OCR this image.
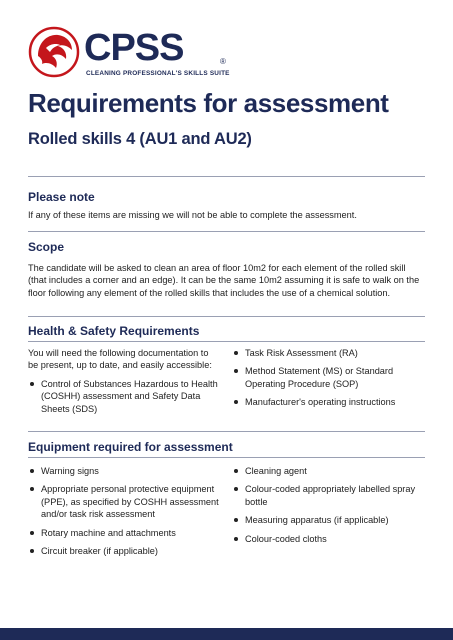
CPSS	®
CLEANING PROFESSIONAL'S SKILLS SUITE
Requirements for assessment
Rolled skills 4 (AU1 and AU2)
Please note

If any of these items are missing we will not be able to complete the assessment.

Scope

The candidate will be asked to clean an area of floor 10m2 for each element of the rolled skill (that includes a corner and an edge). It can be the same 10m2 assuming it is safe to walk on the floor following any element of the rolled skills that includes the use of a chemical solution.

Health & Safety Requirements

You will need the following documentation to be present, up to date, and easily accessible:

Control of Substances Hazardous to Health (COSHH) assessment and Safety Data Sheets (SDS)
Task Risk Assessment (RA)
Method Statement (MS) or Standard Operating Procedure (SOP)
Manufacturer's operating instructions
Equipment required for assessment
Warning signs
Appropriate personal protective equipment (PPE), as specified by COSHH assessment and/or task risk assessment
Rotary machine and attachments
Circuit breaker (if applicable)
Cleaning agent
Colour-coded appropriately labelled spray bottle
Measuring apparatus (if applicable)
Colour-coded cloths
